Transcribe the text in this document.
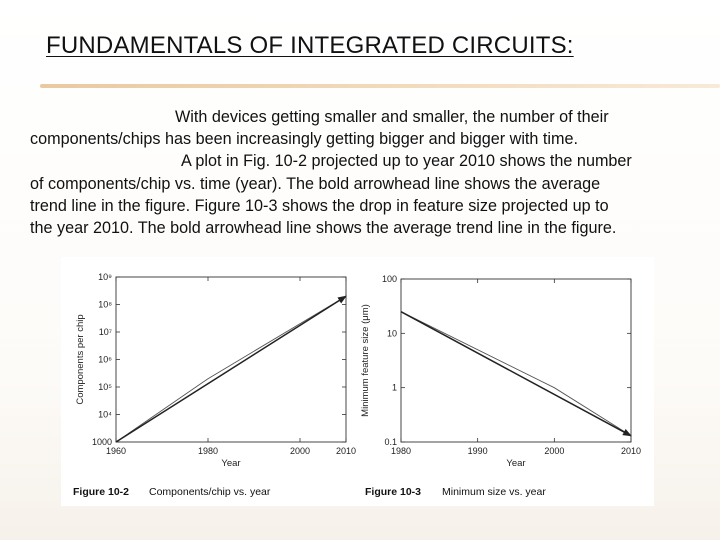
FUNDAMENTALS OF INTEGRATED CIRCUITS:
With devices getting smaller and smaller, the number of their
components/chips has been increasingly getting bigger and bigger with time.
A plot in Fig. 10-2 projected up to year 2010 shows the number
of components/chip vs. time (year). The bold arrowhead line shows the average
trend line in the figure. Figure 10-3 shows the drop in feature size projected up to
the year 2010. The bold arrowhead line shows the average trend line in the figure.
1000
10⁴
10⁵
10⁶
10⁷
10⁸
10⁹
1960	1980	2000	2010
Year
Components per chip
0.1
1
10
100
1980	1990	2000	2010
Year
Minimum feature size (μm)
Figure 10-2 Components/chip vs. year	Figure 10-3 Minimum size vs. year
